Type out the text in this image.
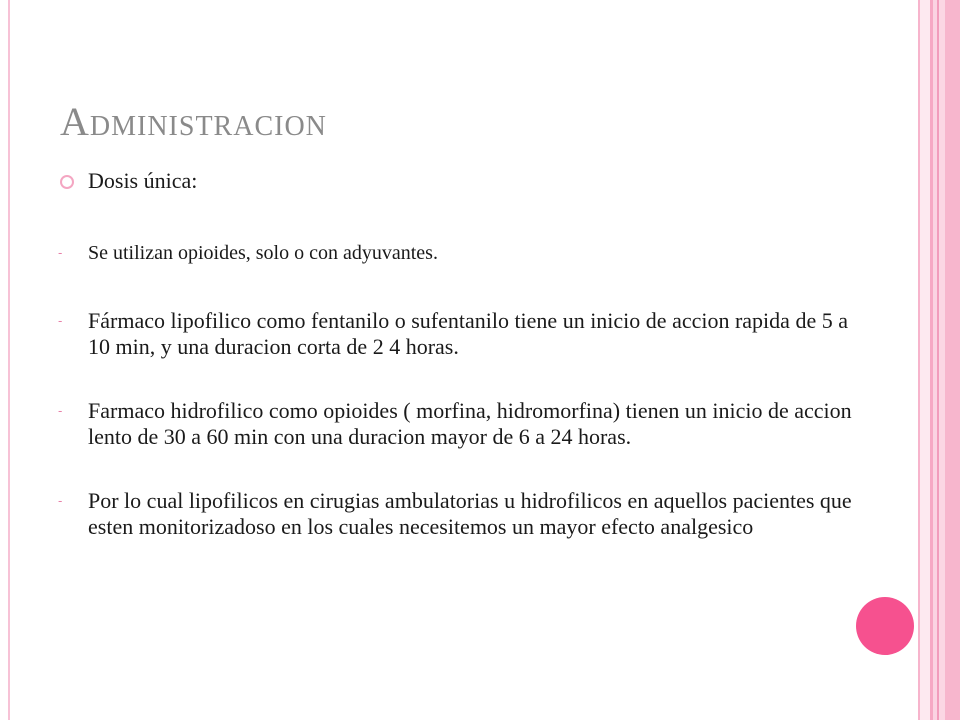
Administracion
Dosis única:
- Se utilizan opioides, solo o con adyuvantes.
- Fármaco lipofilico como fentanilo o sufentanilo tiene un inicio de accion rapida de 5 a 10 min, y una duracion corta de 2 4 horas.
- Farmaco hidrofilico como opioides ( morfina, hidromorfina) tienen un inicio de accion lento de 30 a 60 min con una duracion mayor de 6 a 24 horas.
- Por lo cual lipofilicos en cirugias ambulatorias u hidrofilicos en aquellos pacientes que esten monitorizadoso en los cuales necesitemos un mayor efecto analgesico
